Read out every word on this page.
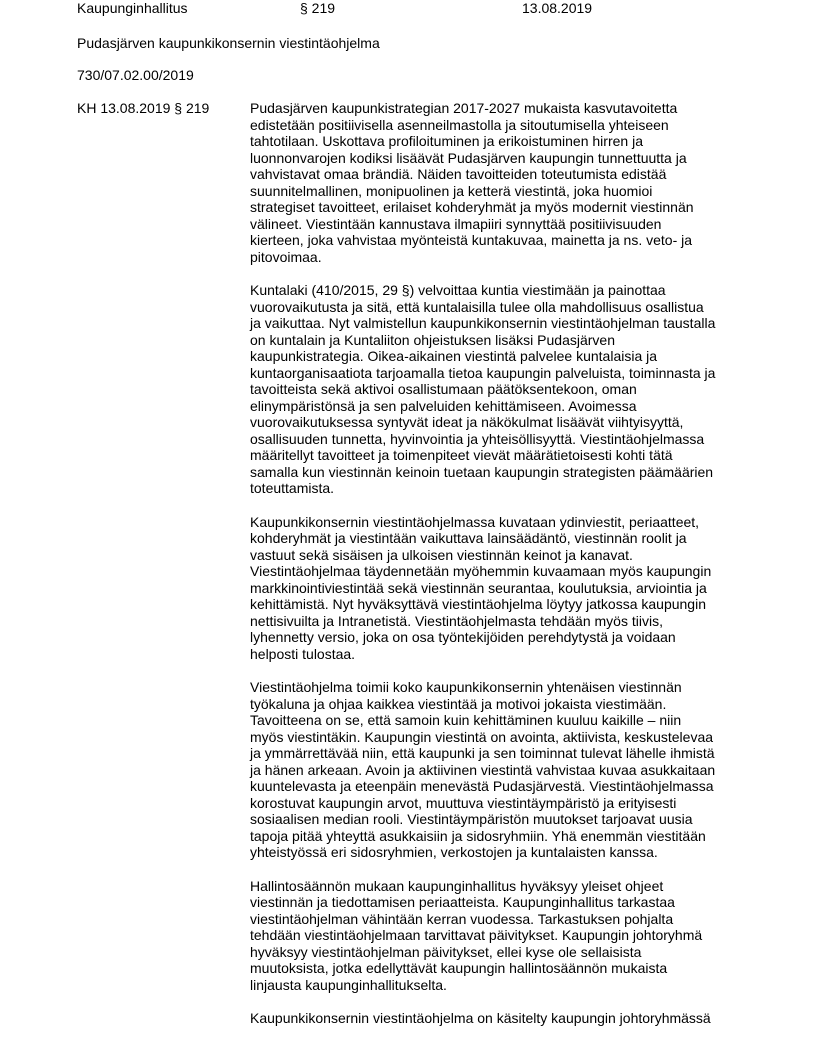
Kaupunginhallitus	§ 219	13.08.2019
Pudasjärven kaupunkikonsernin viestintäohjelma
730/07.02.00/2019
KH 13.08.2019 § 219	Pudasjärven kaupunkistrategian 2017-2027 mukaista kasvutavoitetta
edistetään positiivisella asenneilmastolla ja sitoutumisella yhteiseen
tahtotilaan. Uskottava profiloituminen ja erikoistuminen hirren ja
luonnonvarojen kodiksi lisäävät Pudasjärven kaupungin tunnettuutta ja
vahvistavat omaa brändiä. Näiden tavoitteiden toteutumista edistää
suunnitelmallinen, monipuolinen ja ketterä viestintä, joka huomioi
strategiset tavoitteet, erilaiset kohderyhmät ja myös modernit viestinnän
välineet. Viestintään kannustava ilmapiiri synnyttää positiivisuuden
kierteen, joka vahvistaa myönteistä kuntakuvaa, mainetta ja ns. veto- ja
pitovoimaa.
Kuntalaki (410/2015, 29 §) velvoittaa kuntia viestimään ja painottaa
vuorovaikutusta ja sitä, että kuntalaisilla tulee olla mahdollisuus osallistua
ja vaikuttaa. Nyt valmistellun kaupunkikonsernin viestintäohjelman taustalla
on kuntalain ja Kuntaliiton ohjeistuksen lisäksi Pudasjärven
kaupunkistrategia. Oikea-aikainen viestintä palvelee kuntalaisia ja
kuntaorganisaatiota tarjoamalla tietoa kaupungin palveluista, toiminnasta ja
tavoitteista sekä aktivoi osallistumaan päätöksentekoon, oman
elinympäristönsä ja sen palveluiden kehittämiseen. Avoimessa
vuorovaikutuksessa syntyvät ideat ja näkökulmat lisäävät viihtyisyyttä,
osallisuuden tunnetta, hyvinvointia ja yhteisöllisyyttä. Viestintäohjelmassa
määritellyt tavoitteet ja toimenpiteet vievät määrätietoisesti kohti tätä
samalla kun viestinnän keinoin tuetaan kaupungin strategisten päämäärien
toteuttamista.
Kaupunkikonsernin viestintäohjelmassa kuvataan ydinviestit, periaatteet,
kohderyhmät ja viestintään vaikuttava lainsäädäntö, viestinnän roolit ja
vastuut sekä sisäisen ja ulkoisen viestinnän keinot ja kanavat.
Viestintäohjelmaa täydennetään myöhemmin kuvaamaan myös kaupungin
markkinointiviestintää sekä viestinnän seurantaa, koulutuksia, arviointia ja
kehittämistä. Nyt hyväksyttävä viestintäohjelma löytyy jatkossa kaupungin
nettisivuilta ja Intranetistä. Viestintäohjelmasta tehdään myös tiivis,
lyhennetty versio, joka on osa työntekijöiden perehdytystä ja voidaan
helposti tulostaa.
Viestintäohjelma toimii koko kaupunkikonsernin yhtenäisen viestinnän
työkaluna ja ohjaa kaikkea viestintää ja motivoi jokaista viestimään.
Tavoitteena on se, että samoin kuin kehittäminen kuuluu kaikille – niin
myös viestintäkin. Kaupungin viestintä on avointa, aktiivista, keskustelevaa
ja ymmärrettävää niin, että kaupunki ja sen toiminnat tulevat lähelle ihmistä
ja hänen arkeaan. Avoin ja aktiivinen viestintä vahvistaa kuvaa asukkaitaan
kuuntelevasta ja eteenpäin menevästä Pudasjärvestä. Viestintäohjelmassa
korostuvat kaupungin arvot, muuttuva viestintäympäristö ja erityisesti
sosiaalisen median rooli. Viestintäympäristön muutokset tarjoavat uusia
tapoja pitää yhteyttä asukkaisiin ja sidosryhmiin. Yhä enemmän viestitään
yhteistyössä eri sidosryhmien, verkostojen ja kuntalaisten kanssa.
Hallintosäännön mukaan kaupunginhallitus hyväksyy yleiset ohjeet
viestinnän ja tiedottamisen periaatteista. Kaupunginhallitus tarkastaa
viestintäohjelman vähintään kerran vuodessa. Tarkastuksen pohjalta
tehdään viestintäohjelmaan tarvittavat päivitykset. Kaupungin johtoryhmä
hyväksyy viestintäohjelman päivitykset, ellei kyse ole sellaisista
muutoksista, jotka edellyttävät kaupungin hallintosäännön mukaista
linjausta kaupunginhallitukselta.
Kaupunkikonsernin viestintäohjelma on käsitelty kaupungin johtoryhmässä
